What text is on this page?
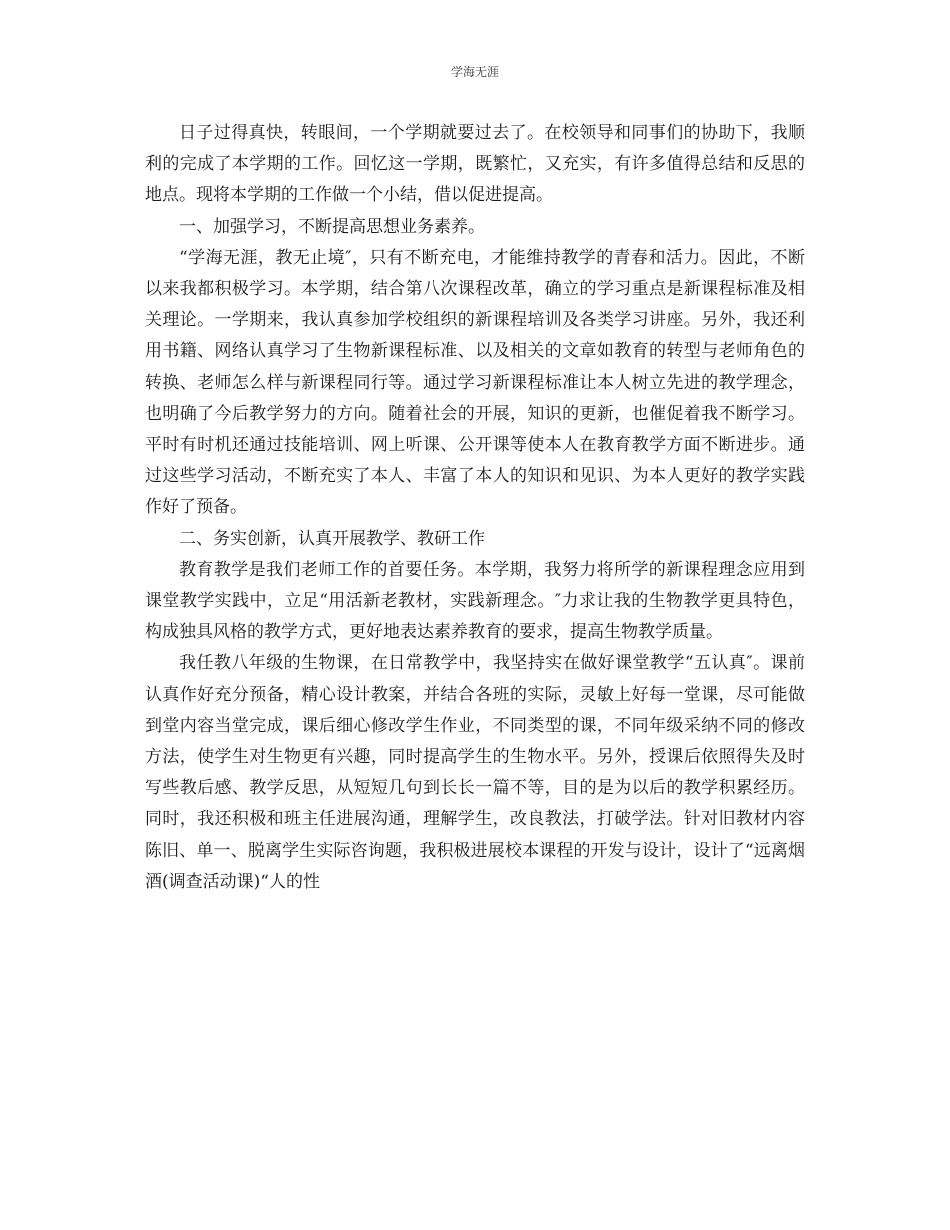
学海无涯

日子过得真快，转眼间，一个学期就要过去了。在校领导和同事们的协助下，我顺利的完成了本学期的工作。回忆这一学期，既繁忙，又充实，有许多值得总结和反思的地点。现将本学期的工作做一个小结，借以促进提高。

一、加强学习，不断提高思想业务素养。

“学海无涯，教无止境″，只有不断充电，才能维持教学的青春和活力。因此，不断以来我都积极学习。本学期，结合第八次课程改革，确立的学习重点是新课程标准及相关理论。一学期来，我认真参加学校组织的新课程培训及各类学习讲座。另外，我还利用书籍、网络认真学习了生物新课程标准、以及相关的文章如教育的转型与老师角色的转换、老师怎么样与新课程同行等。通过学习新课程标准让本人树立先进的教学理念，也明确了今后教学努力的方向。随着社会的开展，知识的更新，也催促着我不断学习。平时有时机还通过技能培训、网上听课、公开课等使本人在教育教学方面不断进步。通过这些学习活动，不断充实了本人、丰富了本人的知识和见识、为本人更好的教学实践作好了预备。

二、务实创新，认真开展教学、教研工作

教育教学是我们老师工作的首要任务。本学期，我努力将所学的新课程理念应用到课堂教学实践中，立足“用活新老教材，实践新理念。″力求让我的生物教学更具特色，构成独具风格的教学方式，更好地表达素养教育的要求，提高生物教学质量。

我任教八年级的生物课，在日常教学中，我坚持实在做好课堂教学“五认真″。课前认真作好充分预备，精心设计教案，并结合各班的实际，灵敏上好每一堂课，尽可能做到堂内容当堂完成，课后细心修改学生作业，不同类型的课，不同年级采纳不同的修改方法，使学生对生物更有兴趣，同时提高学生的生物水平。另外，授课后依照得失及时写些教后感、教学反思，从短短几句到长长一篇不等，目的是为以后的教学积累经历。同时，我还积极和班主任进展沟通，理解学生，改良教法，打破学法。针对旧教材内容陈旧、单一、脱离学生实际咨询题，我积极进展校本课程的开发与设计，设计了“远离烟酒(调查活动课)“人的性
